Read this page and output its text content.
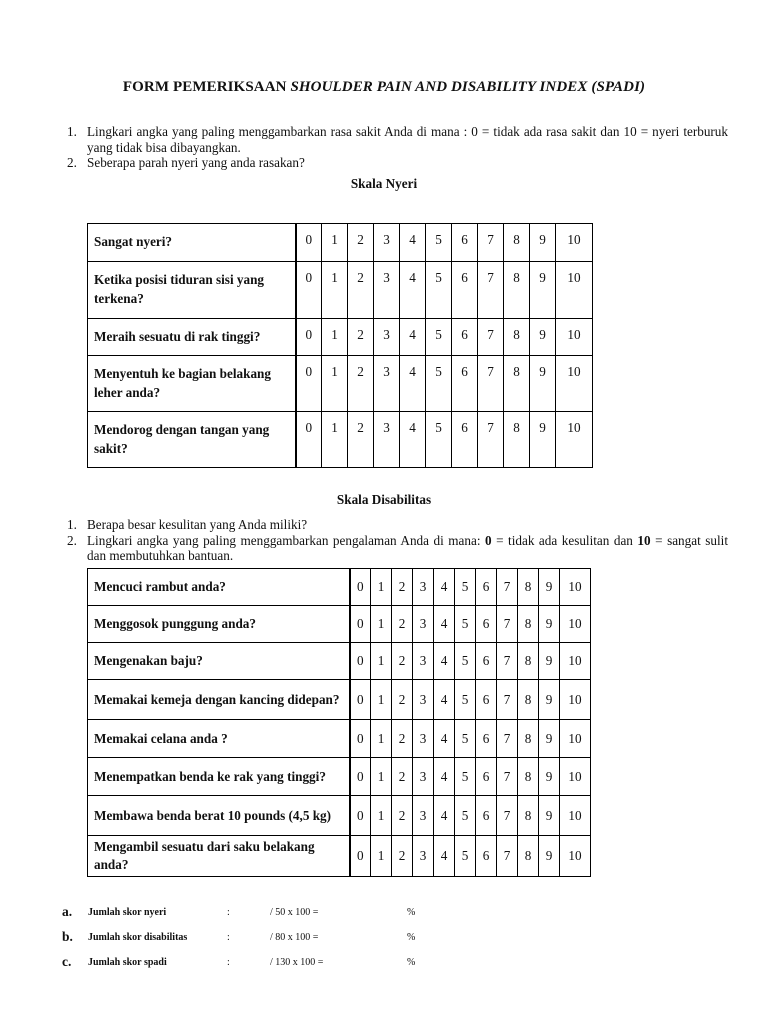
FORM PEMERIKSAAN SHOULDER PAIN AND DISABILITY INDEX (SPADI)
1. Lingkari angka yang paling menggambarkan rasa sakit Anda di mana : 0 = tidak ada rasa sakit dan 10 = nyeri terburuk yang tidak bisa dibayangkan.
2. Seberapa parah nyeri yang anda rasakan?
Skala Nyeri
Sangat nyeri?	0	1	2	3	4	5	6	7	8	9	10
Ketika posisi tiduran sisi yang terkena?	0	1	2	3	4	5	6	7	8	9	10
Meraih sesuatu di rak tinggi?	0	1	2	3	4	5	6	7	8	9	10
Menyentuh ke bagian belakang leher anda?	0	1	2	3	4	5	6	7	8	9	10
Mendorog dengan tangan yang sakit?	0	1	2	3	4	5	6	7	8	9	10
Skala Disabilitas
1. Berapa besar kesulitan yang Anda miliki?
2. Lingkari angka yang paling menggambarkan pengalaman Anda di mana: 0 = tidak ada kesulitan dan 10 = sangat sulit dan membutuhkan bantuan.
Mencuci rambut anda?	0	1	2	3	4	5	6	7	8	9	10
Menggosok punggung anda?	0	1	2	3	4	5	6	7	8	9	10
Mengenakan baju?	0	1	2	3	4	5	6	7	8	9	10
Memakai kemeja dengan kancing didepan?	0	1	2	3	4	5	6	7	8	9	10
Memakai celana anda ?	0	1	2	3	4	5	6	7	8	9	10
Menempatkan benda ke rak yang tinggi?	0	1	2	3	4	5	6	7	8	9	10
Membawa benda berat 10 pounds (4,5 kg)	0	1	2	3	4	5	6	7	8	9	10
Mengambil sesuatu dari saku belakang anda?	0	1	2	3	4	5	6	7	8	9	10
a. Jumlah skor nyeri	:	/ 50 x 100 =	%
b. Jumlah skor disabilitas	:	/ 80 x 100 =	%
c. Jumlah skor spadi	:	/ 130 x 100 =	%
